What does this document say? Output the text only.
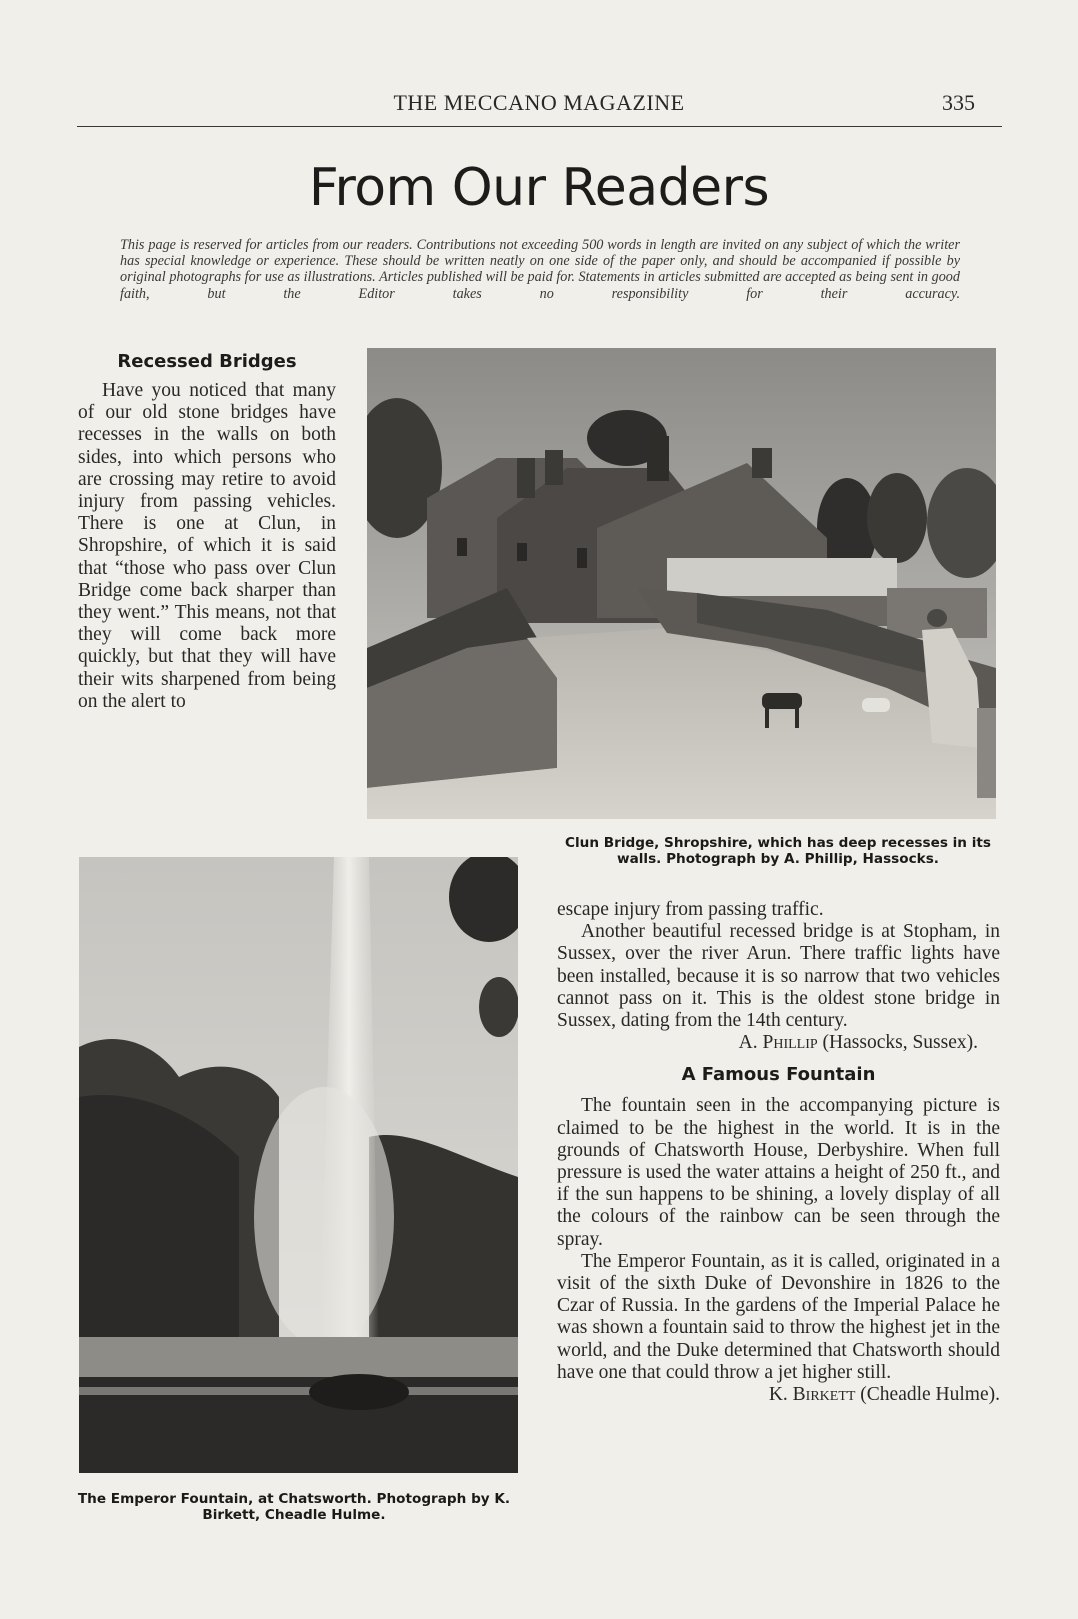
THE MECCANO MAGAZINE	335
From Our Readers
This page is reserved for articles from our readers. Contributions not exceeding 500 words in length are invited on any subject of which the writer has special knowledge or experience. These should be written neatly on one side of the paper only, and should be accompanied if possible by original photographs for use as illustrations. Articles published will be paid for. Statements in articles submitted are accepted as being sent in good faith, but the Editor takes no responsibility for their accuracy.
Recessed Bridges

Have you noticed that many of our old stone bridges have recesses in the walls on both sides, into which persons who are crossing may retire to avoid injury from passing vehicles. There is one at Clun, in Shropshire, of which it is said that “those who pass over Clun Bridge come back sharper than they went.” This means, not that they will come back more quickly, but that they will have their wits sharpened from being on the alert to

Clun Bridge, Shropshire, which has deep recesses in its walls. Photograph by A. Phillip, Hassocks.
The Emperor Fountain, at Chatsworth. Photograph by K. Birkett, Cheadle Hulme.

escape injury from passing traffic.

Another beautiful recessed bridge is at Stopham, in Sussex, over the river Arun. There traffic lights have been installed, because it is so narrow that two vehicles cannot pass on it. This is the oldest stone bridge in Sussex, dating from the 14th century.

A. Phillip (Hassocks, Sussex).

A Famous Fountain

The fountain seen in the accompanying picture is claimed to be the highest in the world. It is in the grounds of Chatsworth House, Derbyshire. When full pressure is used the water attains a height of 250 ft., and if the sun happens to be shining, a lovely display of all the colours of the rainbow can be seen through the spray.

The Emperor Fountain, as it is called, originated in a visit of the sixth Duke of Devonshire in 1826 to the Czar of Russia. In the gardens of the Imperial Palace he was shown a fountain said to throw the highest jet in the world, and the Duke determined that Chatsworth should have one that could throw a jet higher still.

K. Birkett (Cheadle Hulme).
